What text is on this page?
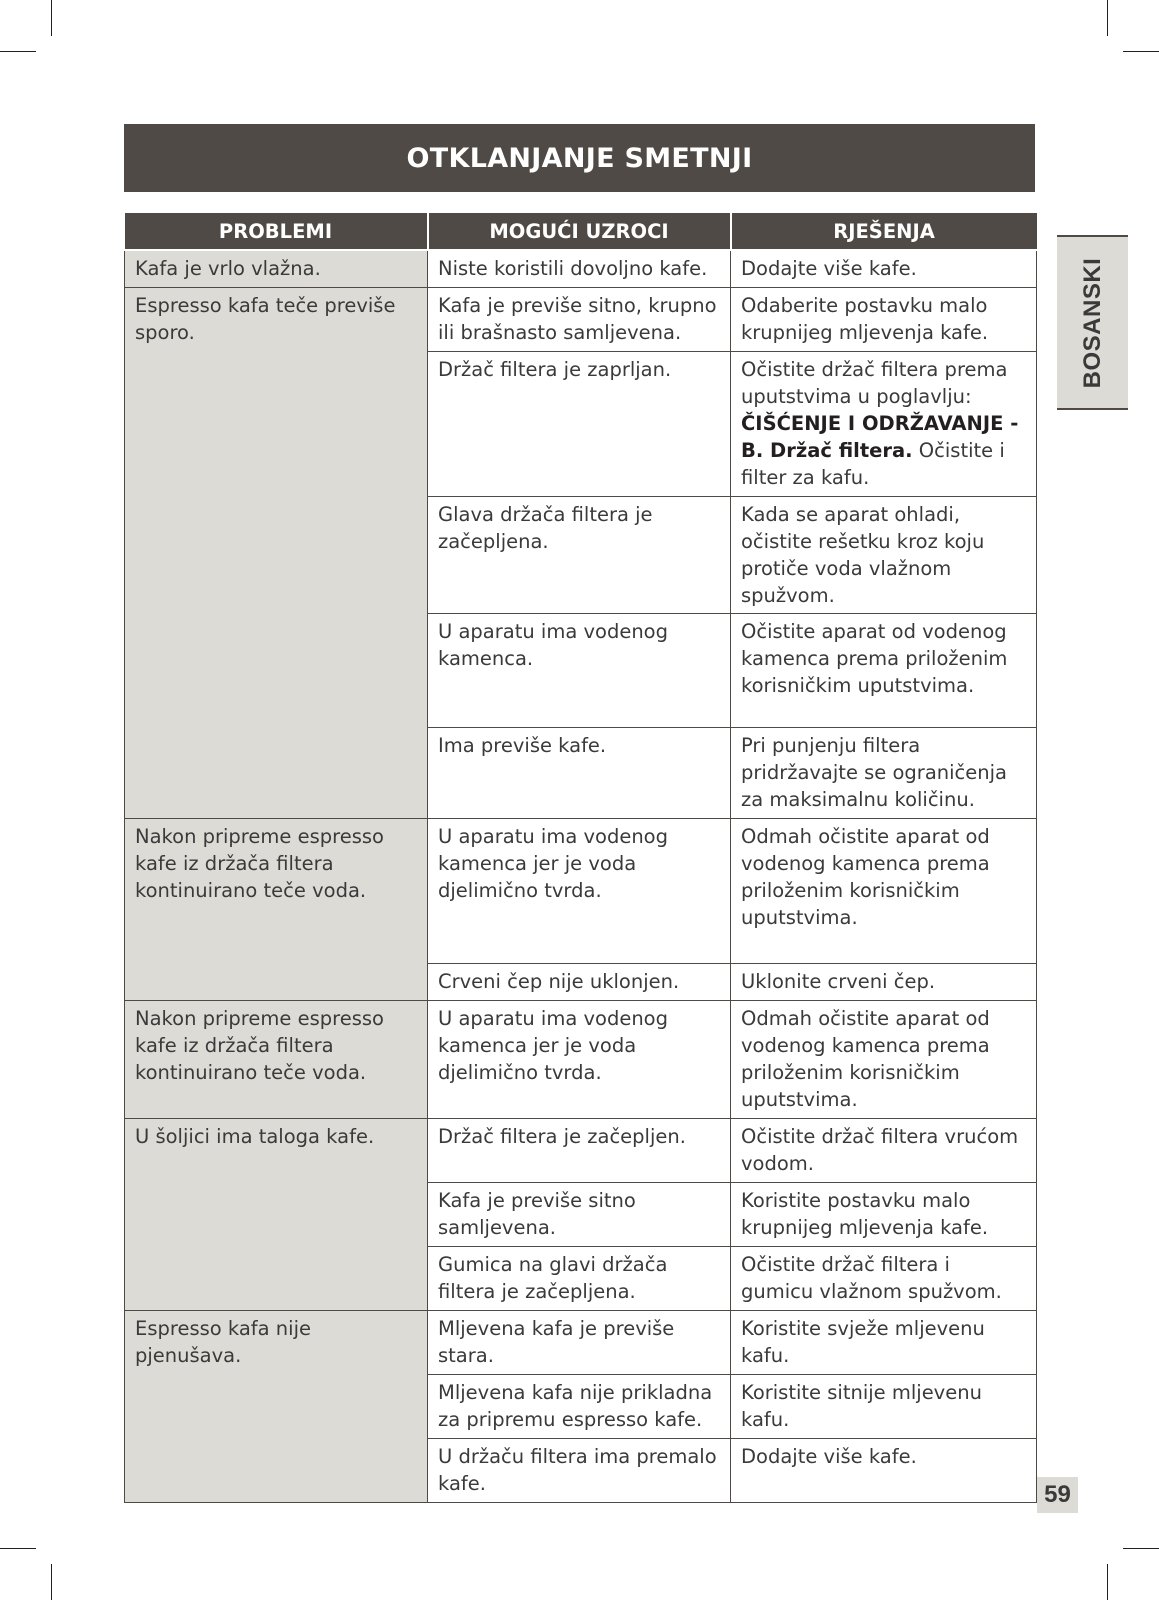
OTKLANJANJE SMETNJI
PROBLEMI	MOGUĆI UZROCI	RJEŠENJA
Kafa je vrlo vlažna.	Niste koristili dovoljno kafe.	Dodajte više kafe.
Espresso kafa teče previše sporo.	Kafa je previše sitno, krupno ili brašnasto samljevena.	Odaberite postavku malo krupnijeg mljevenja kafe.
	Držač filtera je zaprljan.	Očistite držač filtera prema uputstvima u poglavlju: ČIŠĆENJE I ODRŽAVANJE - B. Držač filtera. Očistite i filter za kafu.
	Glava držača filtera je začepljena.	Kada se aparat ohladi, očistite rešetku kroz koju protiče voda vlažnom spužvom.
	U aparatu ima vodenog kamenca.	Očistite aparat od vodenog kamenca prema priloženim korisničkim uputstvima.
	Ima previše kafe.	Pri punjenju filtera pridržavajte se ograničenja za maksimalnu količinu.
Nakon pripreme espresso kafe iz držača filtera kontinuirano teče voda.	U aparatu ima vodenog kamenca jer je voda djelimično tvrda.	Odmah očistite aparat od vodenog kamenca prema priloženim korisničkim uputstvima.
	Crveni čep nije uklonjen.	Uklonite crveni čep.
Nakon pripreme espresso kafe iz držača filtera kontinuirano teče voda.	U aparatu ima vodenog kamenca jer je voda djelimično tvrda.	Odmah očistite aparat od vodenog kamenca prema priloženim korisničkim uputstvima.
U šoljici ima taloga kafe.	Držač filtera je začepljen.	Očistite držač filtera vrućom vodom.
	Kafa je previše sitno samljevena.	Koristite postavku malo krupnijeg mljevenja kafe.
	Gumica na glavi držača filtera je začepljena.	Očistite držač filtera i gumicu vlažnom spužvom.
Espresso kafa nije pjenušava.	Mljevena kafa je previše stara.	Koristite svježe mljevenu kafu.
	Mljevena kafa nije prikladna za pripremu espresso kafe.	Koristite sitnije mljevenu kafu.
	U držaču filtera ima premalo kafe.	Dodajte više kafe.
BOSANSKI
59
